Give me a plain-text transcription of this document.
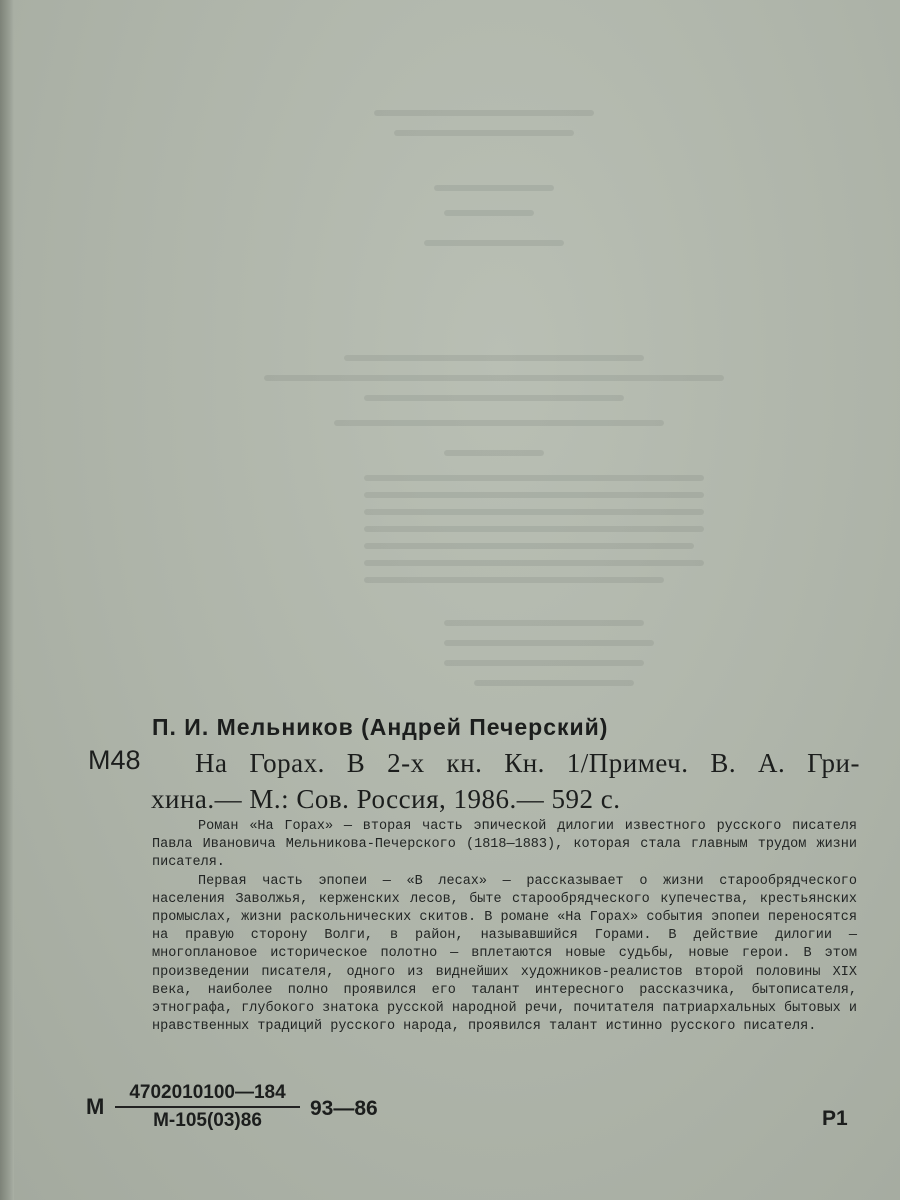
П. И. Мельников (Андрей Печерский)
М48 На Горах. В 2-х кн. Кн. 1/Примеч. В. А. Гри-
хина.— М.: Сов. Россия, 1986.— 592 с.

Роман «На Горах» — вторая часть эпической дилогии известного русского писателя Павла Ивановича Мельникова-Печерского (1818—1883), которая стала главным трудом жизни писателя.

Первая часть эпопеи — «В лесах» — рассказывает о жизни старообрядческого населения Заволжья, керженских лесов, быте старообрядческого купечества, крестьянских промыслах, жизни раскольнических скитов. В романе «На Горах» события эпопеи переносятся на правую сторону Волги, в район, называвшийся Горами. В действие дилогии — многоплановое историческое полотно — вплетаются новые судьбы, новые герои. В этом произведении писателя, одного из виднейших художников-реалистов второй половины XIX века, наиболее полно проявился его талант интересного рассказчика, бытописателя, этнографа, глубокого знатока русской народной речи, почитателя патриархальных бытовых и нравственных традиций русского народа, проявился талант истинно русского писателя.

М
4702010100—184
М-105(03)86
93—86	Р1
